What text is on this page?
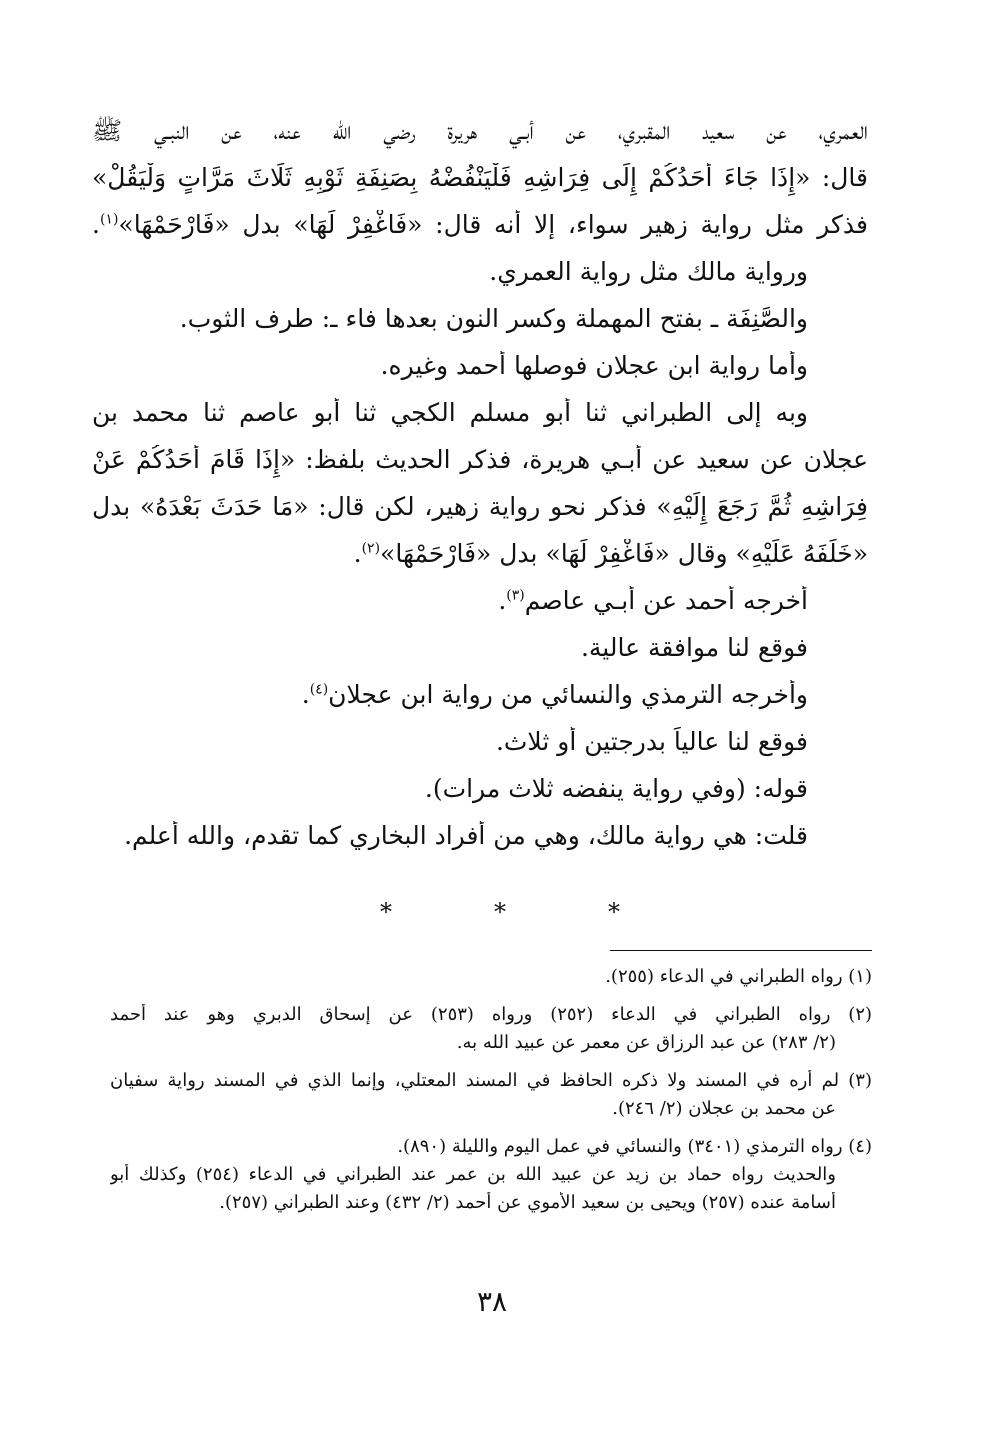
العمري، عن سعيد المقبري، عن أبـي هريرة رضي الله عنه، عن النبـي ﷺ
قال: «إِذَا جَاءَ أَحَدُكُمْ إِلَى فِرَاشِهِ فَلْيَنْفُضْهُ بِصَنِفَةِ ثَوْبِهِ ثَلَاثَ مَرَّاتٍ وَلْيَقُلْ»
فذكر مثل رواية زهير سواء، إلا أنه قال: «فَاغْفِرْ لَهَا» بدل «فَارْحَمْهَا»$^{(١)}$.
ورواية مالك مثل رواية العمري.
والصَّنِفَة ـ بفتح المهملة وكسر النون بعدها فاء ـ: طرف الثوب.
وأما رواية ابن عجلان فوصلها أحمد وغيره.
وبه إلى الطبراني ثنا أبو مسلم الكجي ثنا أبو عاصم ثنا محمد بن
عجلان عن سعيد عن أبـي هريرة، فذكر الحديث بلفظ: «إِذَا قَامَ أَحَدُكُمْ عَنْ
فِرَاشِهِ ثُمَّ رَجَعَ إِلَيْهِ» فذكر نحو رواية زهير، لكن قال: «مَا حَدَثَ بَعْدَهُ» بدل
«خَلَفَهُ عَلَيْهِ» وقال «فَاغْفِرْ لَهَا» بدل «فَارْحَمْهَا»$^{(٢)}$.
أخرجه أحمد عن أبـي عاصم$^{(٣)}$.
فوقع لنا موافقة عالية.
وأخرجه الترمذي والنسائي من رواية ابن عجلان$^{(٤)}$.
فوقع لنا عالياً بدرجتين أو ثلاث.
قوله: (وفي رواية ينفضه ثلاث مرات).
قلت: هي رواية مالك، وهي من أفراد البخاري كما تقدم، والله أعلم.
*	*	*
(١) رواه الطبراني في الدعاء (٢٥٥).
(٢) رواه الطبراني في الدعاء (٢٥٢) ورواه (٢٥٣) عن إسحاق الدبري وهو عند أحمد
(٢/ ٢٨٣) عن عبد الرزاق عن معمر عن عبيد الله به.
(٣) لم أره في المسند ولا ذكره الحافظ في المسند المعتلي، وإنما الذي في المسند رواية سفيان
عن محمد بن عجلان (٢/ ٢٤٦).
(٤) رواه الترمذي (٣٤٠١) والنسائي في عمل اليوم والليلة (٨٩٠).
والحديث رواه حماد بن زيد عن عبيد الله بن عمر عند الطبراني في الدعاء (٢٥٤) وكذلك أبو
أسامة عنده (٢٥٧) ويحيى بن سعيد الأموي عن أحمد (٢/ ٤٣٢) وعند الطبراني (٢٥٧).
٣٨
